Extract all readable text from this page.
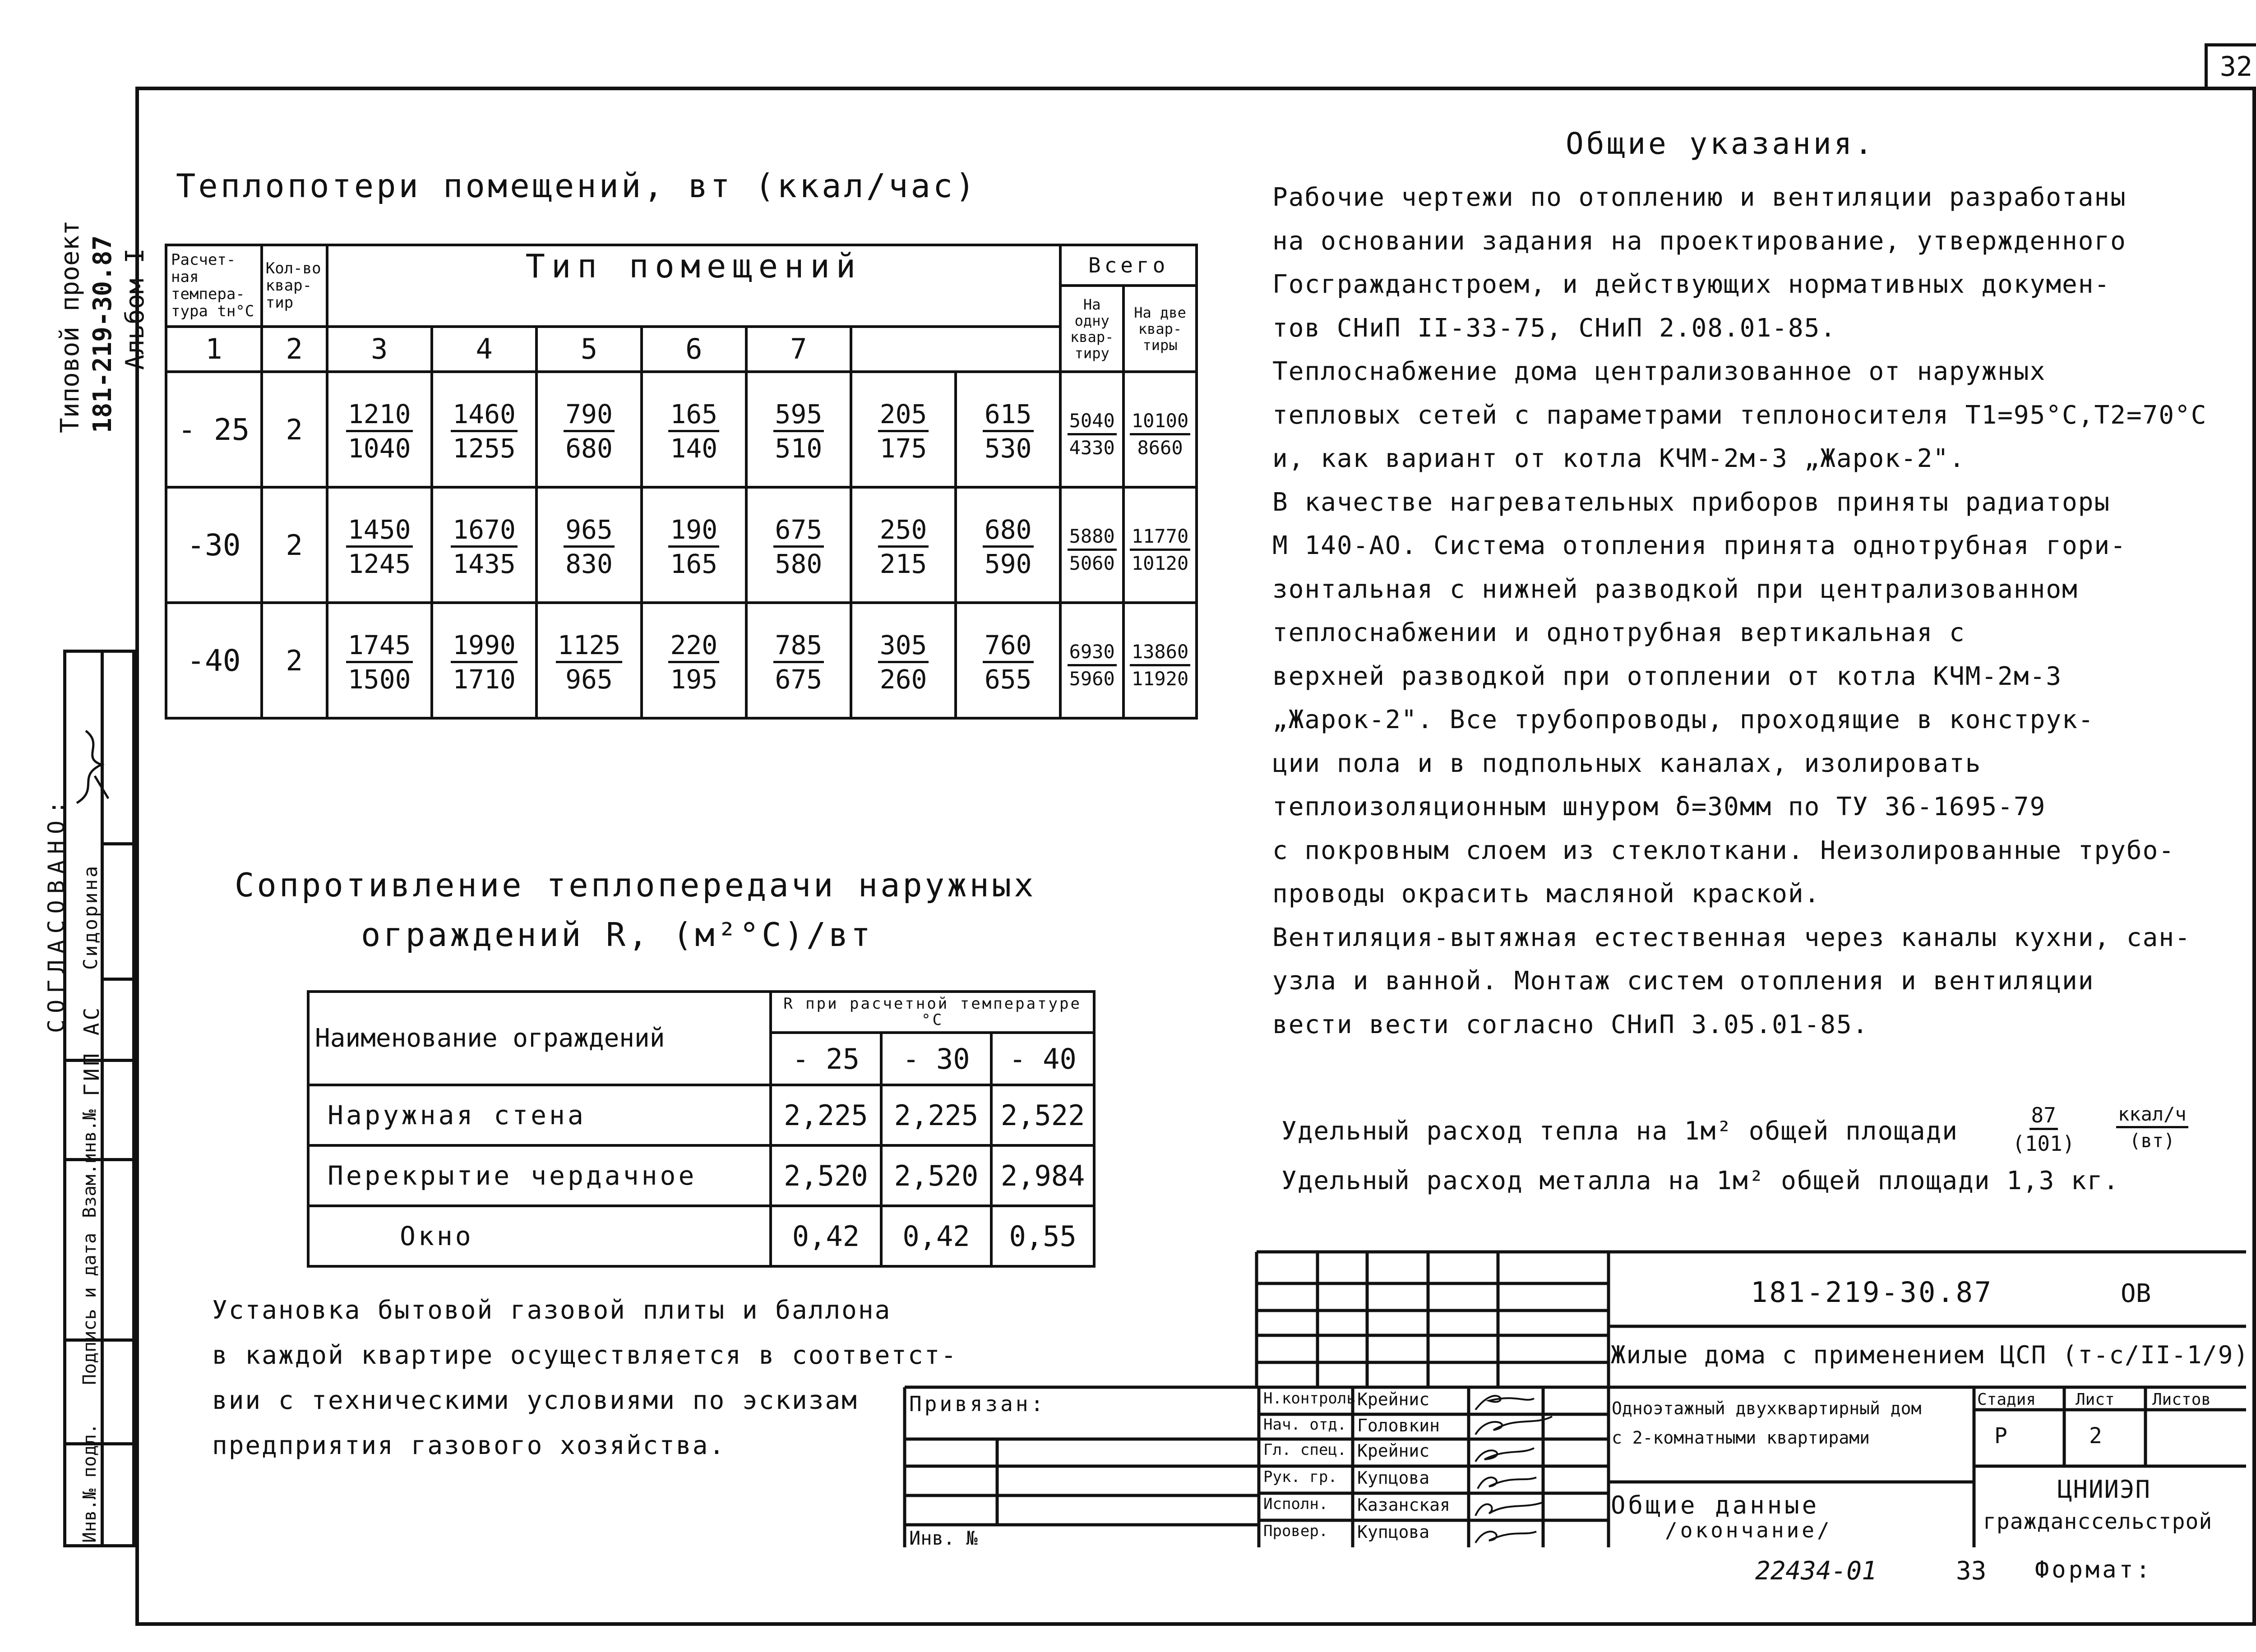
32
Типовой проект 181-219-30.87 Альбом I
СОГЛАСОВАНО: Сидорина
ГИП АС
Взам.инв.№
Подпись и дата
Инв.№ подл.
Теплопотери помещений, вт (ккал/час)
Расчет-ная темпера-тура tн°C	Кол-во квар-тир	Тип помещений							Всего	
									На одну квар-тиру	На две квар-тиры
1	2	3	4	5	6	7				
- 25	2	$\frac{1210}{1040}$	$\frac{1460}{1255}$	$\frac{790}{680}$	$\frac{165}{140}$	$\frac{595}{510}$	$\frac{205}{175}$	$\frac{615}{530}$	$\frac{5040}{4330}$	$\frac{10100}{8660}$

-30	2	$\frac{1450}{1245}$	$\frac{1670}{1435}$	$\frac{965}{830}$	$\frac{190}{165}$	$\frac{675}{580}$	$\frac{250}{215}$	$\frac{680}{590}$	$\frac{5880}{5060}$	$\frac{11770}{10120}$

-40	2	$\frac{1745}{1500}$	$\frac{1990}{1710}$	$\frac{1125}{965}$	$\frac{220}{195}$	$\frac{785}{675}$	$\frac{305}{260}$	$\frac{760}{655}$	$\frac{6930}{5960}$	$\frac{13860}{11920}$
Сопротивление теплопередачи наружных
ограждений R, (м²°С)/вт
Наименование ограждений	R при расчетной температуре °С		
	- 25	- 30	- 40
Наружная стена	2,225	2,225	2,522
Перекрытие чердачное	2,520	2,520	2,984
Окно	0,42	0,42	0,55

Установка бытовой газовой плиты и баллона

в каждой квартире осуществляется в соответст-

вии с техническими условиями по эскизам

предприятия газового хозяйства.

Общие указания.

Рабочие чертежи по отоплению и вентиляции разработаны

на основании задания на проектирование, утвержденного

Госгражданстроем, и действующих нормативных докумен-

тов СНиП II-33-75, СНиП 2.08.01-85.

Теплоснабжение дома централизованное от наружных

тепловых сетей с параметрами теплоносителя T1=95°C,T2=70°C

и, как вариант от котла КЧМ-2м-3 „Жарок-2".

В качестве нагревательных приборов приняты радиаторы

М 140-АО. Система отопления принята однотрубная гори-

зонтальная с нижней разводкой при централизованном

теплоснабжении и однотрубная вертикальная с

верхней разводкой при отоплении от котла КЧМ-2м-3

„Жарок-2". Все трубопроводы, проходящие в конструк-

ции пола и в подпольных каналах, изолировать

теплоизоляционным шнуром δ=30мм по ТУ 36-1695-79

с покровным слоем из стеклоткани. Неизолированные трубо-

проводы окрасить масляной краской.

Вентиляция-вытяжная естественная через каналы кухни, сан-

узла и ванной. Монтаж систем отопления и вентиляции

вести вести согласно СНиП 3.05.01-85.

Удельный расход тепла на 1м² общей площади	$\frac{87}{(101)}$ ккал/ч
(вт)
Удельный расход металла на 1м² общей площади 1,3 кг.
181-219-30.87	ОВ
Жилые дома с применением ЦСП (т-с/II-1/9)
Одноэтажный двухквартирный дом
с 2-комнатными квартирами
Стадия Лист Листов
Р	2
Общие данные
/окончание/
ЦНИИЭП
гражданссельстрой
Привязан:
Инв. №
Н.контроль Крейнис
Нач. отд. Головкин
Гл. спец. Крейнис
Рук. гр. Купцова
Исполн. Казанская
Провер. Купцова
22434-01	33 Формат:
